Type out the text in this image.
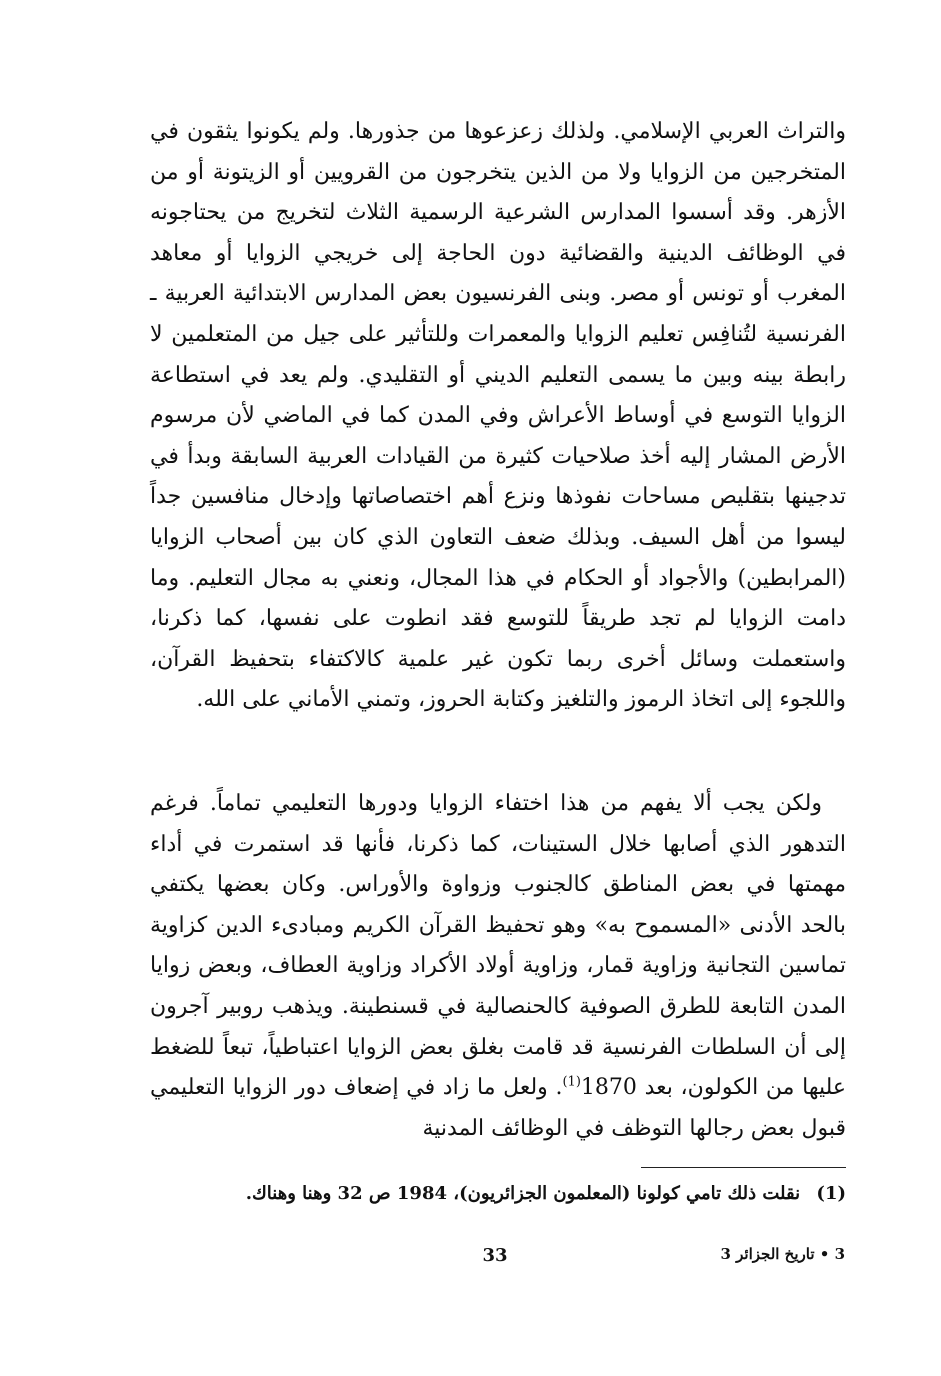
والتراث العربي الإسلامي. ولذلك زعزعوها من جذورها. ولم يكونوا يثقون في المتخرجين من الزوايا ولا من الذين يتخرجون من القرويين أو الزيتونة أو من الأزهر. وقد أسسوا المدارس الشرعية الرسمية الثلاث لتخريج من يحتاجونه في الوظائف الدينية والقضائية دون الحاجة إلى خريجي الزوايا أو معاهد المغرب أو تونس أو مصر. وبنى الفرنسيون بعض المدارس الابتدائية العربية ـ الفرنسية لتُنافِس تعليم الزوايا والمعمرات وللتأثير على جيل من المتعلمين لا رابطة بينه وبين ما يسمى التعليم الديني أو التقليدي. ولم يعد في استطاعة الزوايا التوسع في أوساط الأعراش وفي المدن كما في الماضي لأن مرسوم الأرض المشار إليه أخذ صلاحيات كثيرة من القيادات العربية السابقة وبدأ في تدجينها بتقليص مساحات نفوذها ونزع أهم اختصاصاتها وإدخال منافسين جداً ليسوا من أهل السيف. وبذلك ضعف التعاون الذي كان بين أصحاب الزوايا (المرابطين) والأجواد أو الحكام في هذا المجال، ونعني به مجال التعليم. وما دامت الزوايا لم تجد طريقاً للتوسع فقد انطوت على نفسها، كما ذكرنا، واستعملت وسائل أخرى ربما تكون غير علمية كالاكتفاء بتحفيظ القرآن، واللجوء إلى اتخاذ الرموز والتلغيز وكتابة الحروز، وتمني الأماني على الله.

ولكن يجب ألا يفهم من هذا اختفاء الزوايا ودورها التعليمي تماماً. فرغم التدهور الذي أصابها خلال الستينات، كما ذكرنا، فأنها قد استمرت في أداء مهمتها في بعض المناطق كالجنوب وزواوة والأوراس. وكان بعضها يكتفي بالحد الأدنى «المسموح به» وهو تحفيظ القرآن الكريم ومبادىء الدين كزاوية تماسين التجانية وزاوية قمار، وزاوية أولاد الأكراد وزاوية العطاف، وبعض زوايا المدن التابعة للطرق الصوفية كالحنصالية في قسنطينة. ويذهب روبير آجرون إلى أن السلطات الفرنسية قد قامت بغلق بعض الزوايا اعتباطياً، تبعاً للضغط عليها من الكولون، بعد 1870$^{(1)}$. ولعل ما زاد في إضعاف دور الزوايا التعليمي قبول بعض رجالها التوظف في الوظائف المدنية

(1) نقلت ذلك تامي كولونا (المعلمون الجزائريون)، 1984 ص 32 وهنا وهناك.
33	3 • تاريخ الجزائر 3
